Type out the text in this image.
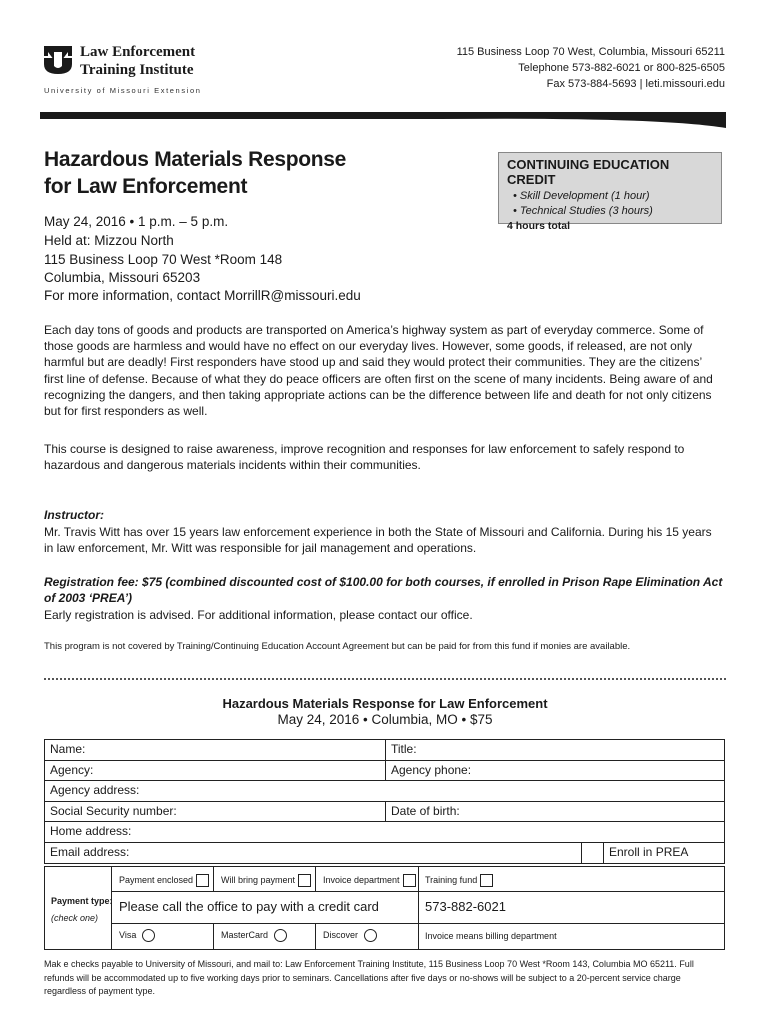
Law Enforcement
Training Institute
University of Missouri Extension
115 Business Loop 70 West, Columbia, Missouri 65211
Telephone 573-882-6021 or 800-825-6505
Fax 573-884-5693 | leti.missouri.edu
Hazardous Materials Response
for Law Enforcement
May 24, 2016 • 1 p.m. – 5 p.m.
Held at: Mizzou North
115 Business Loop 70 West *Room 148
Columbia, Missouri 65203
For more information, contact MorrillR@missouri.edu
CONTINUING EDUCATION CREDIT
• Skill Development (1 hour)
• Technical Studies (3 hours)
4 hours total
Each day tons of goods and products are transported on America’s highway system as part of everyday commerce. Some of those goods are harmless and would have no effect on our everyday lives. However, some goods, if released, are not only harmful but are deadly! First responders have stood up and said they would protect their communities. They are the citizens’ first line of defense. Because of what they do peace officers are often first on the scene of many incidents. Being aware of and recognizing the dangers, and then taking appropriate actions can be the difference between life and death for not only citizens but for first responders as well.
This course is designed to raise awareness, improve recognition and responses for law enforcement to safely respond to hazardous and dangerous materials incidents within their communities.
Instructor:
Mr. Travis Witt has over 15 years law enforcement experience in both the State of Missouri and California. During his 15 years in law enforcement, Mr. Witt was responsible for jail management and operations.
Registration fee: $75 (combined discounted cost of $100.00 for both courses, if enrolled in Prison Rape Elimination Act of 2003 ‘PREA’)
Early registration is advised. For additional information, please contact our office.
This program is not covered by Training/Continuing Education Account Agreement but can be paid for from this fund if monies are available.
Hazardous Materials Response for Law Enforcement
May 24, 2016 • Columbia, MO • $75
Name:	Title:
Agency:	Agency phone:
Agency address:
Social Security number:	Date of birth:
Home address:
Email address:	Enroll in PREA
Payment type:
(check one)
Payment enclosed	Will bring payment	Invoice department	Training fund
Please call the office to pay with a credit card	573-882-6021
Visa	MasterCard	Discover	Invoice means billing department
Mak e checks payable to University of Missouri, and mail to: Law Enforcement Training Institute, 115 Business Loop 70 West *Room 143, Columbia MO 65211. Full refunds will be accommodated up to five working days prior to seminars. Cancellations after five days or no-shows will be subject to a 20-percent service charge regardless of payment type.
